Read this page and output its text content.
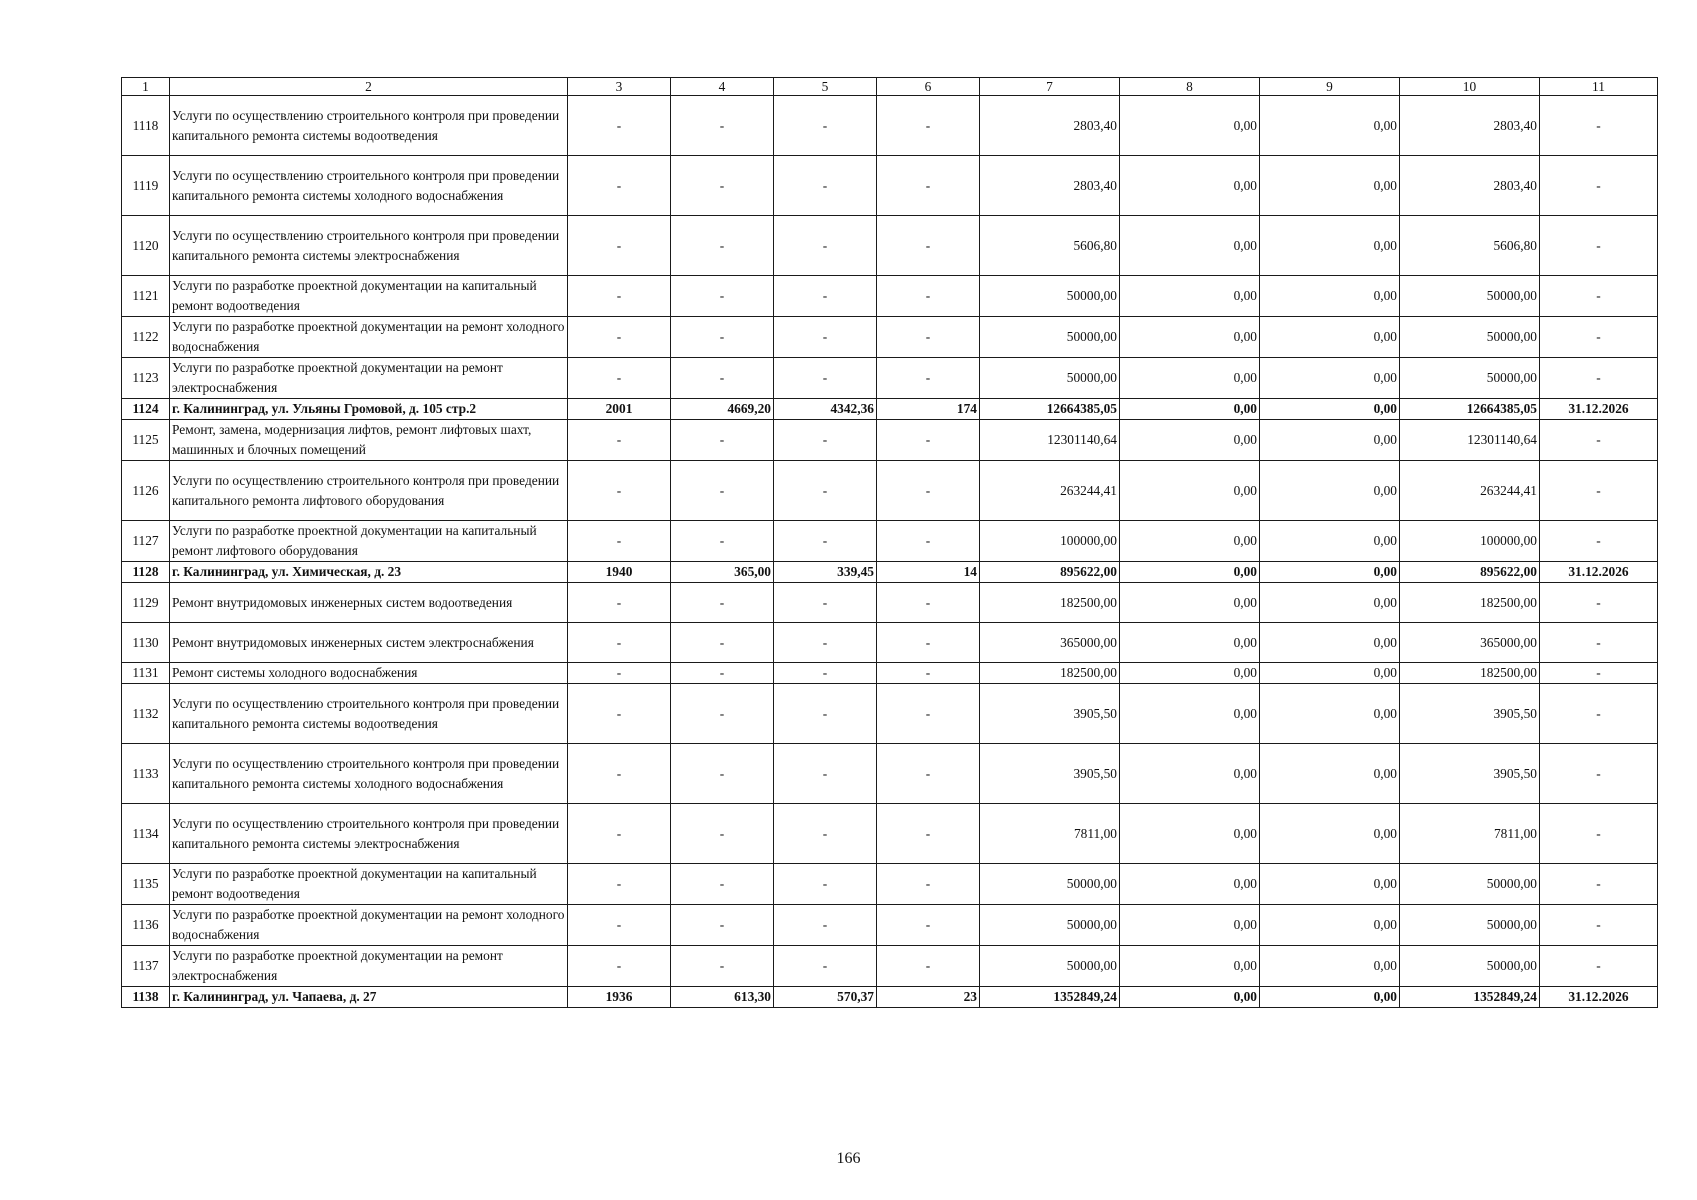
1	2	3	4	5	6	7	8	9	10	11
1118	Услуги по осуществлению строительного контроля при проведении капитального ремонта системы водоотведения	-	-	-	-	2803,40	0,00	0,00	2803,40	-
1119	Услуги по осуществлению строительного контроля при проведении капитального ремонта системы холодного водоснабжения	-	-	-	-	2803,40	0,00	0,00	2803,40	-
1120	Услуги по осуществлению строительного контроля при проведении капитального ремонта системы электроснабжения	-	-	-	-	5606,80	0,00	0,00	5606,80	-
1121	Услуги по разработке проектной документации на капитальный ремонт водоотведения	-	-	-	-	50000,00	0,00	0,00	50000,00	-
1122	Услуги по разработке проектной документации на ремонт холодного водоснабжения	-	-	-	-	50000,00	0,00	0,00	50000,00	-
1123	Услуги по разработке проектной документации на ремонт электроснабжения	-	-	-	-	50000,00	0,00	0,00	50000,00	-
1124	г. Калининград, ул. Ульяны Громовой, д. 105 стр.2	2001	4669,20	4342,36	174	12664385,05	0,00	0,00	12664385,05	31.12.2026
1125	Ремонт, замена, модернизация лифтов, ремонт лифтовых шахт, машинных и блочных помещений	-	-	-	-	12301140,64	0,00	0,00	12301140,64	-
1126	Услуги по осуществлению строительного контроля при проведении капитального ремонта лифтового оборудования	-	-	-	-	263244,41	0,00	0,00	263244,41	-
1127	Услуги по разработке проектной документации на капитальный ремонт лифтового оборудования	-	-	-	-	100000,00	0,00	0,00	100000,00	-
1128	г. Калининград, ул. Химическая, д. 23	1940	365,00	339,45	14	895622,00	0,00	0,00	895622,00	31.12.2026
1129	Ремонт внутридомовых инженерных систем водоотведения	-	-	-	-	182500,00	0,00	0,00	182500,00	-
1130	Ремонт внутридомовых инженерных систем электроснабжения	-	-	-	-	365000,00	0,00	0,00	365000,00	-
1131	Ремонт системы холодного водоснабжения	-	-	-	-	182500,00	0,00	0,00	182500,00	-
1132	Услуги по осуществлению строительного контроля при проведении капитального ремонта системы водоотведения	-	-	-	-	3905,50	0,00	0,00	3905,50	-
1133	Услуги по осуществлению строительного контроля при проведении капитального ремонта системы холодного водоснабжения	-	-	-	-	3905,50	0,00	0,00	3905,50	-
1134	Услуги по осуществлению строительного контроля при проведении капитального ремонта системы электроснабжения	-	-	-	-	7811,00	0,00	0,00	7811,00	-
1135	Услуги по разработке проектной документации на капитальный ремонт водоотведения	-	-	-	-	50000,00	0,00	0,00	50000,00	-
1136	Услуги по разработке проектной документации на ремонт холодного водоснабжения	-	-	-	-	50000,00	0,00	0,00	50000,00	-
1137	Услуги по разработке проектной документации на ремонт электроснабжения	-	-	-	-	50000,00	0,00	0,00	50000,00	-
1138	г. Калининград, ул. Чапаева, д. 27	1936	613,30	570,37	23	1352849,24	0,00	0,00	1352849,24	31.12.2026
166
